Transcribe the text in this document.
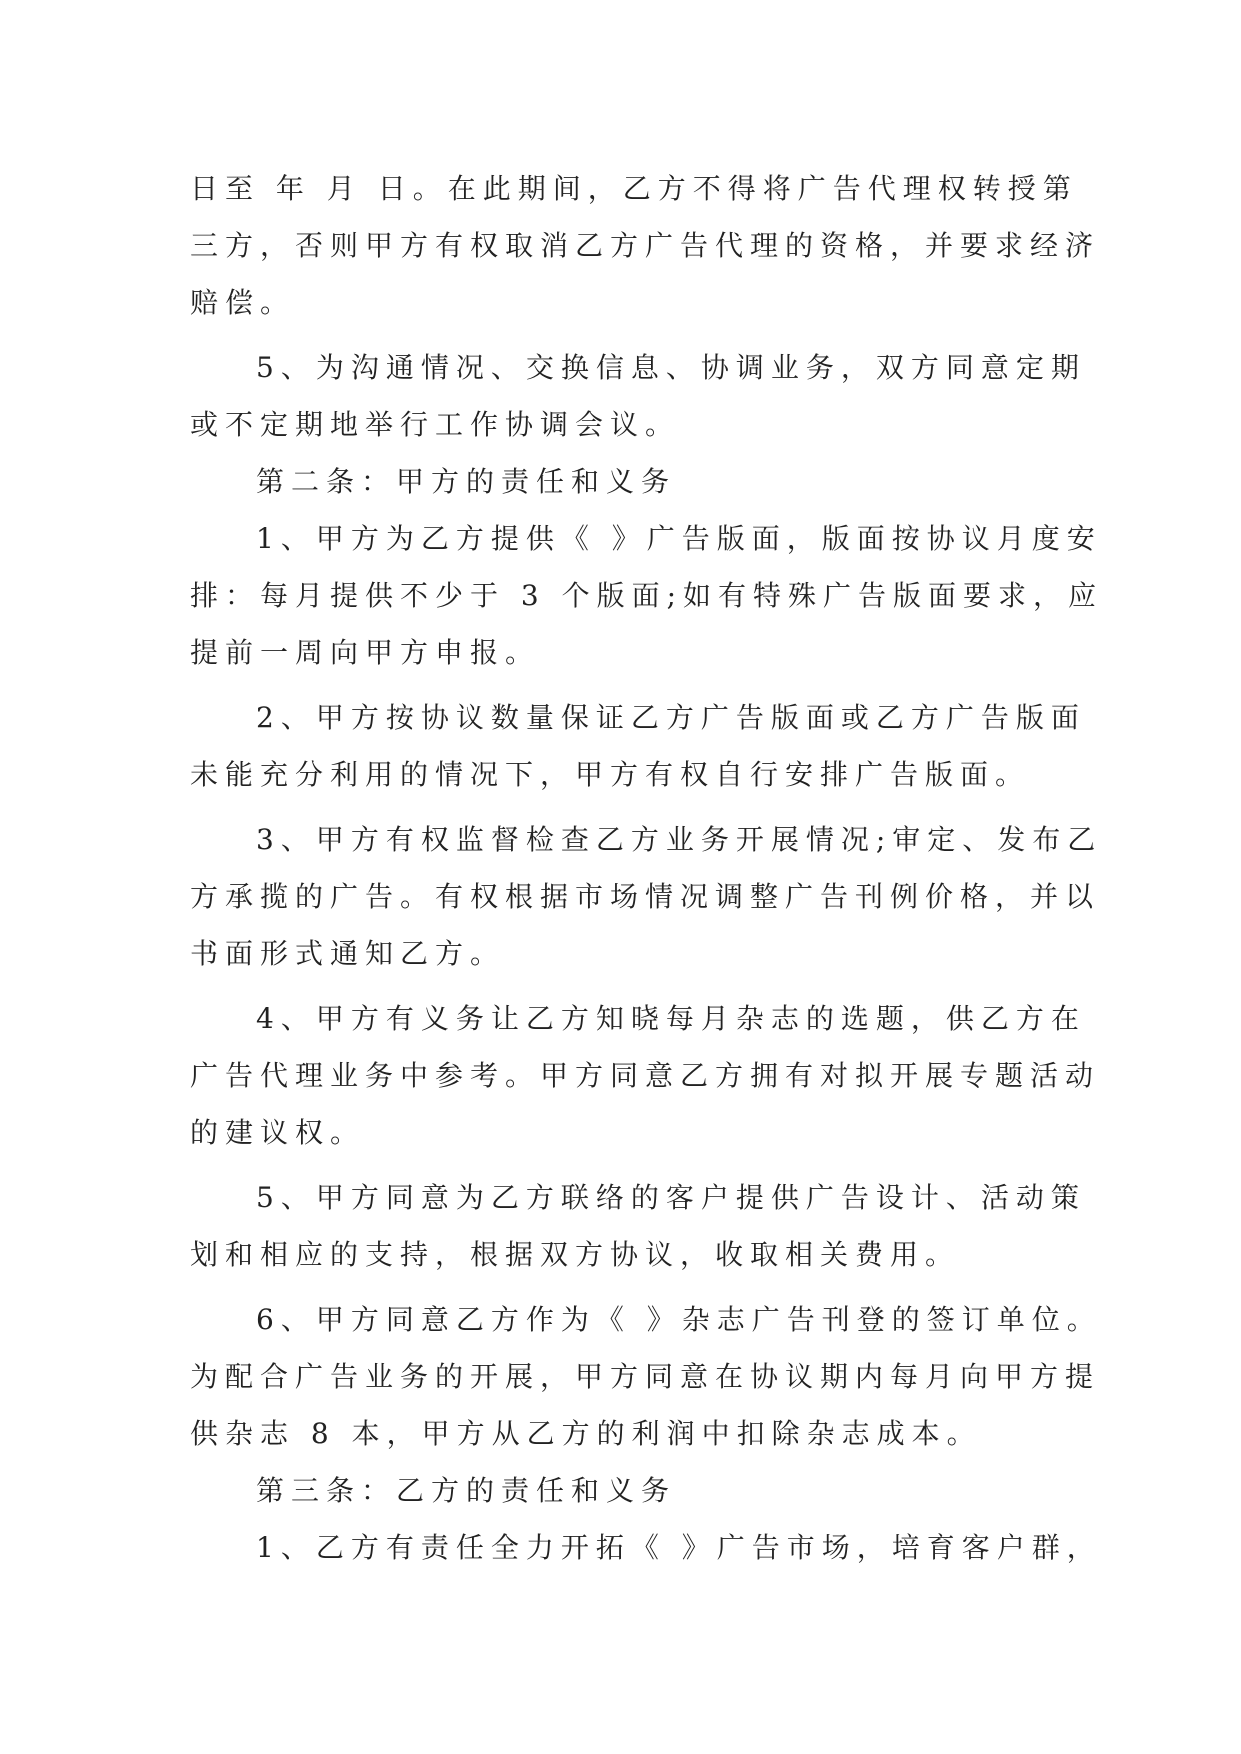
日至 年 月 日。在此期间，乙方不得将广告代理权转授第
三方，否则甲方有权取消乙方广告代理的资格，并要求经济
赔偿。
5、为沟通情况、交换信息、协调业务，双方同意定期
或不定期地举行工作协调会议。
第二条：甲方的责任和义务
1、甲方为乙方提供《 》广告版面，版面按协议月度安
排：每月提供不少于 3 个版面;如有特殊广告版面要求，应
提前一周向甲方申报。
2、甲方按协议数量保证乙方广告版面或乙方广告版面
未能充分利用的情况下，甲方有权自行安排广告版面。
3、甲方有权监督检查乙方业务开展情况;审定、发布乙
方承揽的广告。有权根据市场情况调整广告刊例价格，并以
书面形式通知乙方。
4、甲方有义务让乙方知晓每月杂志的选题，供乙方在
广告代理业务中参考。甲方同意乙方拥有对拟开展专题活动
的建议权。
5、甲方同意为乙方联络的客户提供广告设计、活动策
划和相应的支持，根据双方协议，收取相关费用。
6、甲方同意乙方作为《 》杂志广告刊登的签订单位。
为配合广告业务的开展，甲方同意在协议期内每月向甲方提
供杂志 8 本，甲方从乙方的利润中扣除杂志成本。
第三条：乙方的责任和义务
1、乙方有责任全力开拓《 》广告市场，培育客户群，
